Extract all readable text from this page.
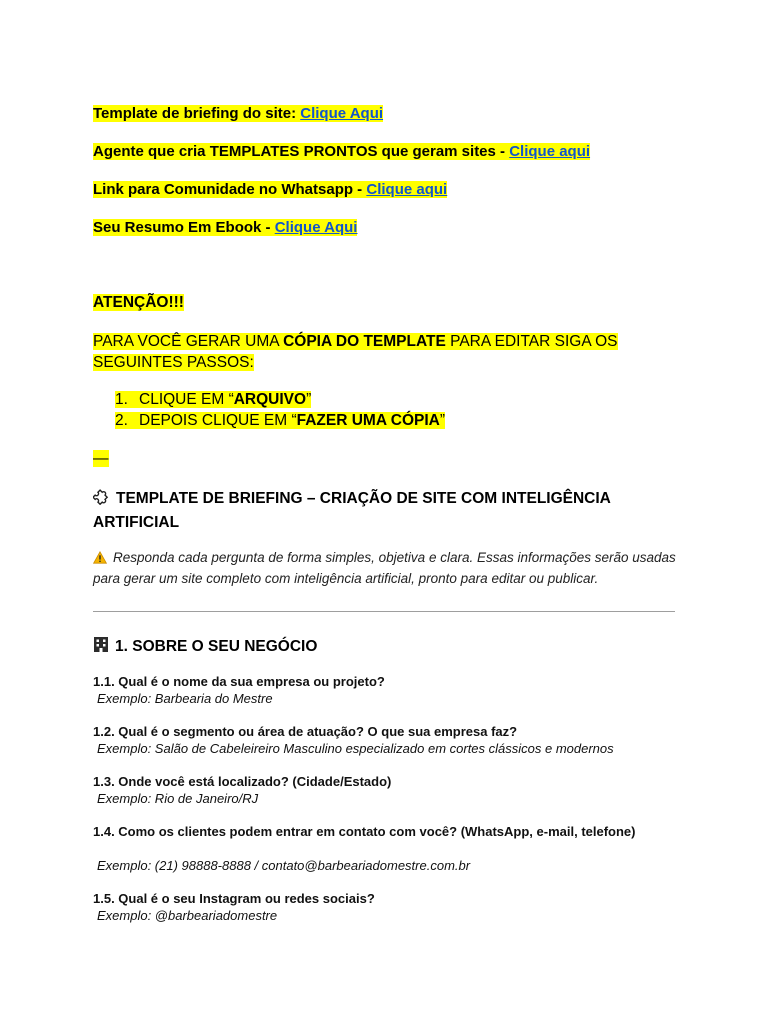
Template de briefing do site: Clique Aqui
Agente que cria TEMPLATES PRONTOS que geram sites - Clique aqui
Link para Comunidade no Whatsapp - Clique aqui
Seu Resumo Em Ebook - Clique Aqui
ATENÇÃO!!!
PARA VOCÊ GERAR UMA CÓPIA DO TEMPLATE PARA EDITAR SIGA OS SEGUINTES PASSOS:
1. CLIQUE EM “ARQUIVO”
2. DEPOIS CLIQUE EM “FAZER UMA CÓPIA”
—
TEMPLATE DE BRIEFING – CRIAÇÃO DE SITE COM INTELIGÊNCIA ARTIFICIAL
Responda cada pergunta de forma simples, objetiva e clara. Essas informações serão usadas para gerar um site completo com inteligência artificial, pronto para editar ou publicar.
1. SOBRE O SEU NEGÓCIO
1.1. Qual é o nome da sua empresa ou projeto?
Exemplo: Barbearia do Mestre
1.2. Qual é o segmento ou área de atuação? O que sua empresa faz?
Exemplo: Salão de Cabeleireiro Masculino especializado em cortes clássicos e modernos
1.3. Onde você está localizado? (Cidade/Estado)
Exemplo: Rio de Janeiro/RJ
1.4. Como os clientes podem entrar em contato com você? (WhatsApp, e-mail, telefone)
Exemplo: (21) 98888-8888 / contato@barbeariadomestre.com.br
1.5. Qual é o seu Instagram ou redes sociais?
Exemplo: @barbeariadomestre
